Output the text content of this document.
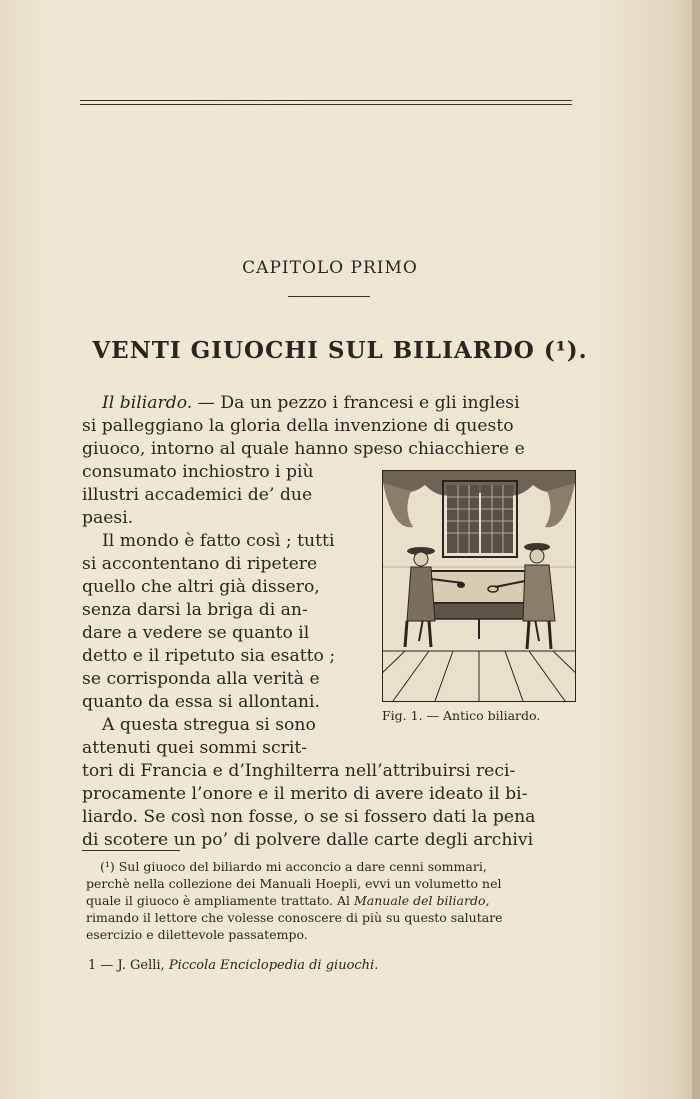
CAPITOLO PRIMO
VENTI GIUOCHI SUL BILIARDO (¹).
Il biliardo. — Da un pezzo i francesi e gli inglesi
si palleggiano la gloria della invenzione di questo
giuoco, intorno al quale hanno speso chiacchiere e
consumato inchiostro i più
illustri accademici de’ due
paesi.
Il mondo è fatto così ; tutti
si accontentano di ripetere
quello che altri già dissero,
senza darsi la briga di an-
dare a vedere se quanto il
detto e il ripetuto sia esatto ;
se corrisponda alla verità e
quanto da essa si allontani.
A questa stregua si sono
attenuti quei sommi scrit-
tori di Francia e d’Inghilterra nell’attribuirsi reci-
procamente l’onore e il merito di avere ideato il bi-
liardo. Se così non fosse, o se si fossero dati la pena
di scotere un po’ di polvere dalle carte degli archivi
Fig. 1. — Antico biliardo.
(¹) Sul giuoco del biliardo mi acconcio a dare cenni sommari,
perchè nella collezione dei Manuali Hoepli, evvi un volumetto nel
quale il giuoco è ampliamente trattato. Al Manuale del biliardo,
rimando il lettore che volesse conoscere di più su questo salutare
esercizio e dilettevole passatempo.
1 — J. Gelli, Piccola Enciclopedia di giuochi.
